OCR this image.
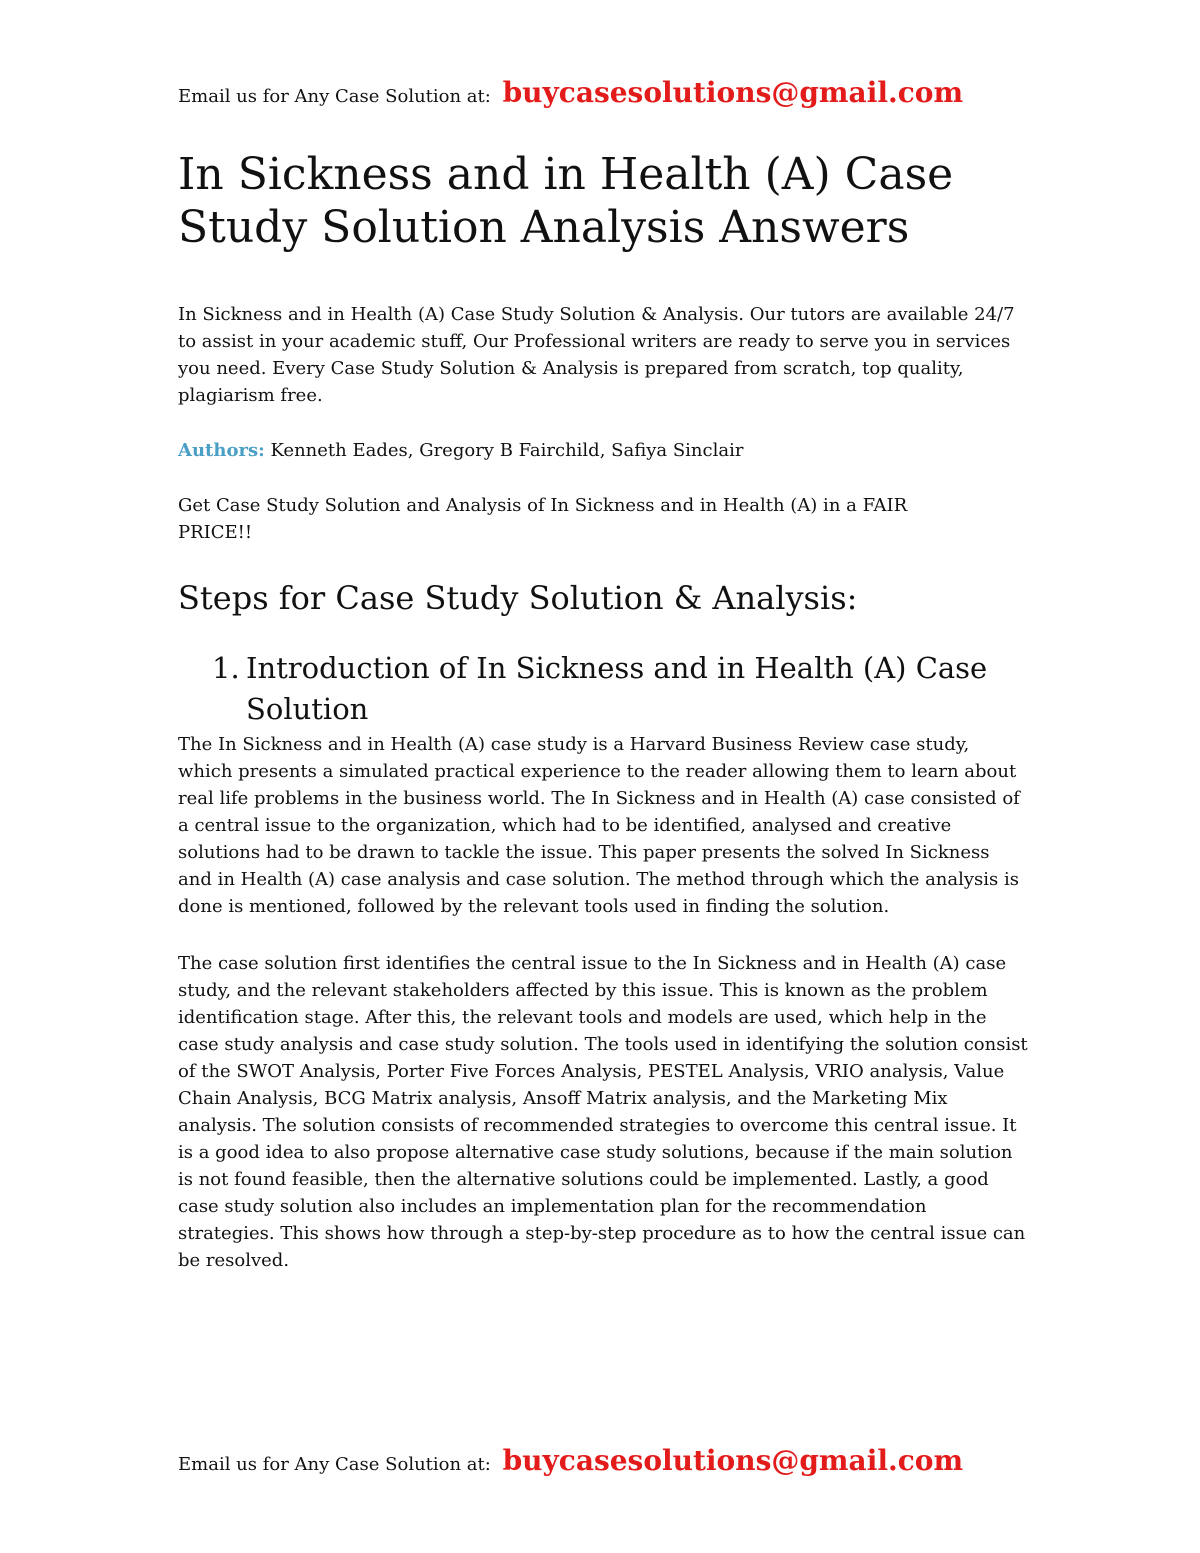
Email us for Any Case Solution at: buycasesolutions@gmail.com
In Sickness and in Health (A) Case Study Solution Analysis Answers

In Sickness and in Health (A) Case Study Solution & Analysis. Our tutors are available 24/7 to assist in your academic stuff, Our Professional writers are ready to serve you in services you need. Every Case Study Solution & Analysis is prepared from scratch, top quality, plagiarism free.

Authors: Kenneth Eades, Gregory B Fairchild, Safiya Sinclair

Get Case Study Solution and Analysis of In Sickness and in Health (A) in a FAIR PRICE!!

Steps for Case Study Solution & Analysis:
1. Introduction of In Sickness and in Health (A) Case Solution

The In Sickness and in Health (A) case study is a Harvard Business Review case study, which presents a simulated practical experience to the reader allowing them to learn about real life problems in the business world. The In Sickness and in Health (A) case consisted of a central issue to the organization, which had to be identified, analysed and creative solutions had to be drawn to tackle the issue. This paper presents the solved In Sickness and in Health (A) case analysis and case solution. The method through which the analysis is done is mentioned, followed by the relevant tools used in finding the solution.

The case solution first identifies the central issue to the In Sickness and in Health (A) case study, and the relevant stakeholders affected by this issue. This is known as the problem identification stage. After this, the relevant tools and models are used, which help in the case study analysis and case study solution. The tools used in identifying the solution consist of the SWOT Analysis, Porter Five Forces Analysis, PESTEL Analysis, VRIO analysis, Value Chain Analysis, BCG Matrix analysis, Ansoff Matrix analysis, and the Marketing Mix analysis. The solution consists of recommended strategies to overcome this central issue. It is a good idea to also propose alternative case study solutions, because if the main solution is not found feasible, then the alternative solutions could be implemented. Lastly, a good case study solution also includes an implementation plan for the recommendation strategies. This shows how through a step-by-step procedure as to how the central issue can be resolved.

Email us for Any Case Solution at: buycasesolutions@gmail.com
